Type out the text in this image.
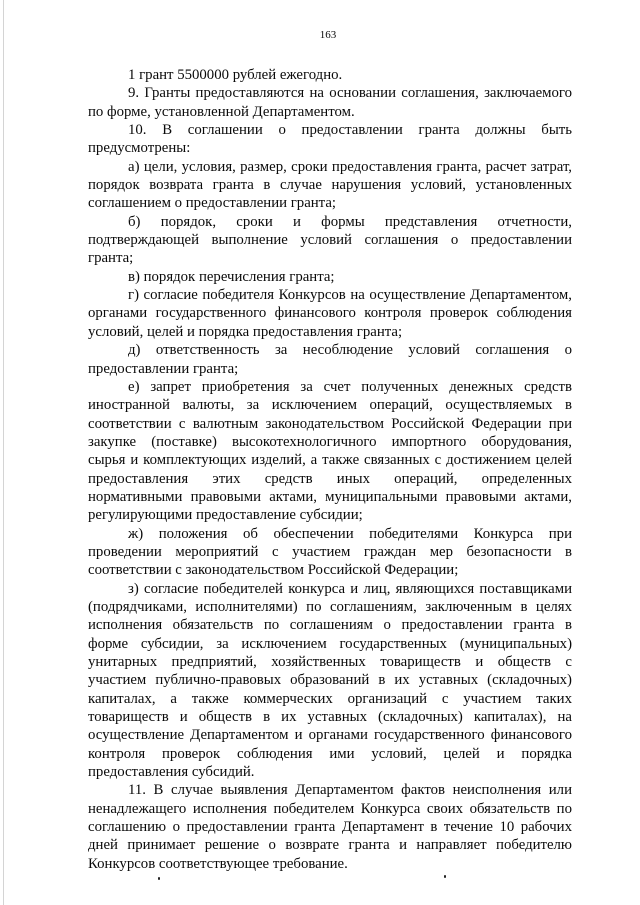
163
1 грант 5500000 рублей ежегодно.
9. Гранты предоставляются на основании соглашения, заключаемого
по форме, установленной Департаментом.
10. В соглашении о предоставлении гранта должны быть
предусмотрены:
а) цели, условия, размер, сроки предоставления гранта, расчет затрат,
порядок возврата гранта в случае нарушения условий, установленных
соглашением о предоставлении гранта;
б) порядок, сроки и формы представления отчетности,
подтверждающей выполнение условий соглашения о предоставлении
гранта;
в) порядок перечисления гранта;
г) согласие победителя Конкурсов на осуществление Департаментом,
органами государственного финансового контроля проверок соблюдения
условий, целей и порядка предоставления гранта;
д) ответственность за несоблюдение условий соглашения о
предоставлении гранта;
е) запрет приобретения за счет полученных денежных средств
иностранной валюты, за исключением операций, осуществляемых в
соответствии с валютным законодательством Российской Федерации при
закупке (поставке) высокотехнологичного импортного оборудования,
сырья и комплектующих изделий, а также связанных с достижением целей
предоставления этих средств иных операций, определенных
нормативными правовыми актами, муниципальными правовыми актами,
регулирующими предоставление субсидии;
ж) положения об обеспечении победителями Конкурса при
проведении мероприятий с участием граждан мер безопасности в
соответствии с законодательством Российской Федерации;
з) согласие победителей конкурса и лиц, являющихся поставщиками
(подрядчиками, исполнителями) по соглашениям, заключенным в целях
исполнения обязательств по соглашениям о предоставлении гранта в
форме субсидии, за исключением государственных (муниципальных)
унитарных предприятий, хозяйственных товариществ и обществ с
участием публично-правовых образований в их уставных (складочных)
капиталах, а также коммерческих организаций с участием таких
товариществ и обществ в их уставных (складочных) капиталах), на
осуществление Департаментом и органами государственного финансового
контроля проверок соблюдения ими условий, целей и порядка
предоставления субсидий.
11. В случае выявления Департаментом фактов неисполнения или
ненадлежащего исполнения победителем Конкурса своих обязательств по
соглашению о предоставлении гранта Департамент в течение 10 рабочих
дней принимает решение о возврате гранта и направляет победителю
Конкурсов соответствующее требование.
